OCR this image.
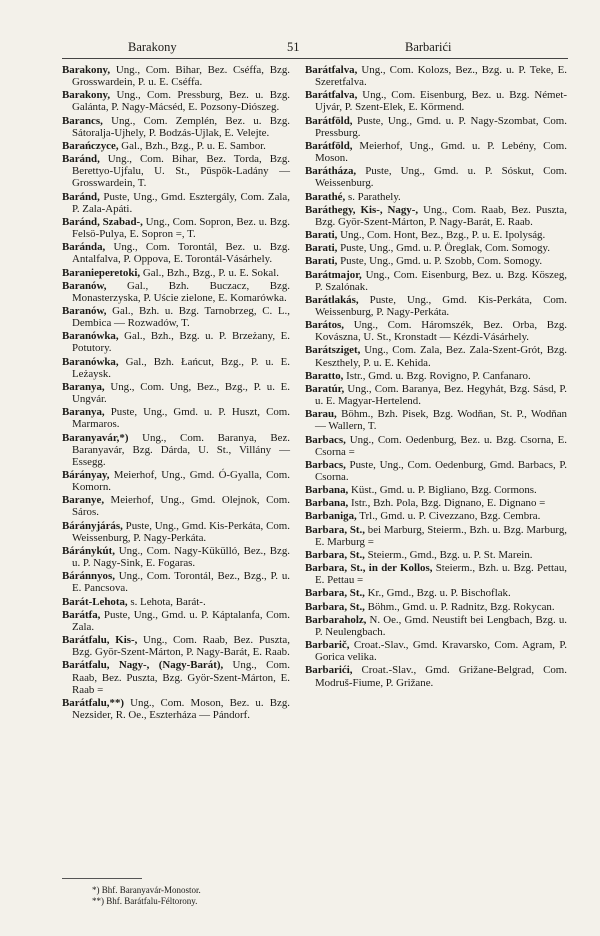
Barakony	51	Barbarići
Barakony, Ung., Com. Bihar, Bez. Cséffa, Bzg. Grosswardein, P. u. E. Cséffa.
Barakony, Ung., Com. Pressburg, Bez. u. Bzg. Galánta, P. Nagy-Mácséd, E. Pozsony-Diószeg.
Barancs, Ung., Com. Zemplén, Bez. u. Bzg. Sátoralja-Ujhely, P. Bodzás-Ujlak, E. Velejte.
Barańczyce, Gal., Bzh., Bzg., P. u. E. Sambor.
Baránd, Ung., Com. Bihar, Bez. Torda, Bzg. Berettyo-Ujfalu, U. St., Püspök-Ladány — Grosswardein, T.
Baránd, Puste, Ung., Gmd. Esztergály, Com. Zala, P. Zala-Apáti.
Baránd, Szabad-, Ung., Com. Sopron, Bez. u. Bzg. Felsö-Pulya, E. Sopron =, T.
Baránda, Ung., Com. Torontál, Bez. u. Bzg. Antalfalva, P. Oppova, E. Torontál-Vásárhely.
Baranieperetoki, Gal., Bzh., Bzg., P. u. E. Sokal.
Baranów, Gal., Bzh. Buczacz, Bzg. Monasterzyska, P. Uście zielone, E. Komarówka.
Baranów, Gal., Bzh. u. Bzg. Tarnobrzeg, C. L., Dembica — Rozwadów, T.
Baranówka, Gal., Bzh., Bzg. u. P. Brzeżany, E. Potutory.
Baranówka, Gal., Bzh. Łańcut, Bzg., P. u. E. Leżaysk.
Baranya, Ung., Com. Ung, Bez., Bzg., P. u. E. Ungvár.
Baranya, Puste, Ung., Gmd. u. P. Huszt, Com. Marmaros.
Baranyavár,*) Ung., Com. Baranya, Bez. Baranyavár, Bzg. Dárda, U. St., Villány — Essegg.
Bárányay, Meierhof, Ung., Gmd. Ó-Gyalla, Com. Komorn.
Baranye, Meierhof, Ung., Gmd. Olejnok, Com. Sáros.
Bárányjárás, Puste, Ung., Gmd. Kis-Perkáta, Com. Weissenburg, P. Nagy-Perkáta.
Báránykút, Ung., Com. Nagy-Kükülló, Bez., Bzg. u. P. Nagy-Sink, E. Fogaras.
Báránnyos, Ung., Com. Torontál, Bez., Bzg., P. u. E. Pancsova.
Barát-Lehota, s. Lehota, Barát-.
Barátfa, Puste, Ung., Gmd. u. P. Káptalanfa, Com. Zala.
Barátfalu, Kis-, Ung., Com. Raab, Bez. Puszta, Bzg. Györ-Szent-Márton, P. Nagy-Barát, E. Raab.
Barátfalu, Nagy-, (Nagy-Barát), Ung., Com. Raab, Bez. Puszta, Bzg. Györ-Szent-Márton, E. Raab =
Barátfalu,**) Ung., Com. Moson, Bez. u. Bzg. Nezsider, R. Oe., Eszterháza — Pándorf.
Barátfalva, Ung., Com. Kolozs, Bez., Bzg. u. P. Teke, E. Szeretfalva.
Barátfalva, Ung., Com. Eisenburg, Bez. u. Bzg. Német-Ujvár, P. Szent-Elek, E. Körmend.
Barátföld, Puste, Ung., Gmd. u. P. Nagy-Szombat, Com. Pressburg.
Barátföld, Meierhof, Ung., Gmd. u. P. Lebény, Com. Moson.
Barátháza, Puste, Ung., Gmd. u. P. Sóskut, Com. Weissenburg.
Barathé, s. Parathely.
Baráthegy, Kis-, Nagy-, Ung., Com. Raab, Bez. Puszta, Bzg. Györ-Szent-Márton, P. Nagy-Barát, E. Raab.
Barati, Ung., Com. Hont, Bez., Bzg., P. u. E. Ipolyság.
Barati, Puste, Ung., Gmd. u. P. Öreglak, Com. Somogy.
Barati, Puste, Ung., Gmd. u. P. Szobb, Com. Somogy.
Barátmajor, Ung., Com. Eisenburg, Bez. u. Bzg. Köszeg, P. Szalónak.
Barátlakás, Puste, Ung., Gmd. Kis-Perkáta, Com. Weissenburg, P. Nagy-Perkáta.
Barátos, Ung., Com. Háromszék, Bez. Orba, Bzg. Kovászna, U. St., Kronstadt — Kézdi-Vásárhely.
Barátsziget, Ung., Com. Zala, Bez. Zala-Szent-Grót, Bzg. Keszthely, P. u. E. Kehida.
Baratto, Istr., Gmd. u. Bzg. Rovigno, P. Canfanaro.
Baratúr, Ung., Com. Baranya, Bez. Hegyhát, Bzg. Sásd, P. u. E. Magyar-Hertelend.
Barau, Böhm., Bzh. Pisek, Bzg. Wodňan, St. P., Wodňan — Wallern, T.
Barbacs, Ung., Com. Oedenburg, Bez. u. Bzg. Csorna, E. Csorna =
Barbacs, Puste, Ung., Com. Oedenburg, Gmd. Barbacs, P. Csorna.
Barbana, Küst., Gmd. u. P. Bigliano, Bzg. Cormons.
Barbana, Istr., Bzh. Pola, Bzg. Dignano, E. Dignano =
Barbaniga, Trl., Gmd. u. P. Civezzano, Bzg. Cembra.
Barbara, St., bei Marburg, Steierm., Bzh. u. Bzg. Marburg, E. Marburg =
Barbara, St., Steierm., Gmd., Bzg. u. P. St. Marein.
Barbara, St., in der Kollos, Steierm., Bzh. u. Bzg. Pettau, E. Pettau =
Barbara, St., Kr., Gmd., Bzg. u. P. Bischoflak.
Barbara, St., Böhm., Gmd. u. P. Radnitz, Bzg. Rokycan.
Barbaraholz, N. Oe., Gmd. Neustift bei Lengbach, Bzg. u. P. Neulengbach.
Barbarič, Croat.-Slav., Gmd. Kravarsko, Com. Agram, P. Gorica velika.
Barbarići, Croat.-Slav., Gmd. Grižane-Belgrad, Com. Modruš-Fiume, P. Grižane.
*) Bhf. Baranyavár-Monostor.
**) Bhf. Barátfalu-Féltorony.
